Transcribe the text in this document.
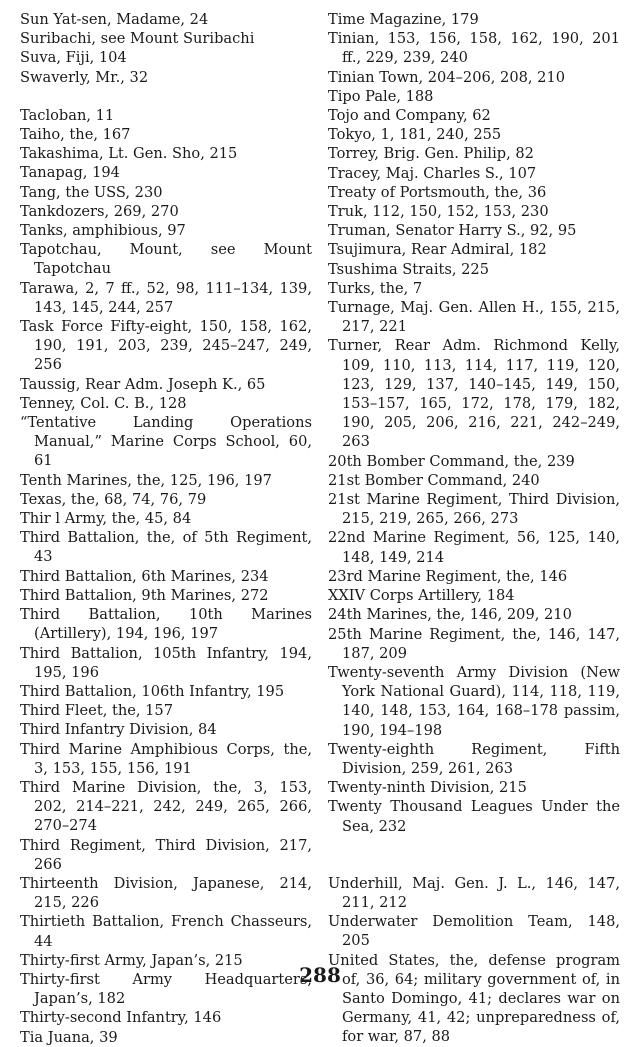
Sun Yat-sen, Madame, 24
Suribachi, see Mount Suribachi
Suva, Fiji, 104
Swaverly, Mr., 32
Tacloban, 11
Taiho, the, 167
Takashima, Lt. Gen. Sho, 215
Tanapag, 194
Tang, the USS, 230
Tankdozers, 269, 270
Tanks, amphibious, 97
Tapotchau, Mount, see Mount Tapotchau
Tarawa, 2, 7 ff., 52, 98, 111–134, 139, 143, 145, 244, 257
Task Force Fifty-eight, 150, 158, 162, 190, 191, 203, 239, 245–247, 249, 256
Taussig, Rear Adm. Joseph K., 65
Tenney, Col. C. B., 128
“Tentative Landing Operations Manual,” Marine Corps School, 60, 61
Tenth Marines, the, 125, 196, 197
Texas, the, 68, 74, 76, 79
Thir l Army, the, 45, 84
Third Battalion, the, of 5th Regiment, 43
Third Battalion, 6th Marines, 234
Third Battalion, 9th Marines, 272
Third Battalion, 10th Marines (Artillery), 194, 196, 197
Third Battalion, 105th Infantry, 194, 195, 196
Third Battalion, 106th Infantry, 195
Third Fleet, the, 157
Third Infantry Division, 84
Third Marine Amphibious Corps, the, 3, 153, 155, 156, 191
Third Marine Division, the, 3, 153, 202, 214–221, 242, 249, 265, 266, 270–274
Third Regiment, Third Division, 217, 266
Thirteenth Division, Japanese, 214, 215, 226
Thirtieth Battalion, French Chasseurs, 44
Thirty-first Army, Japan’s, 215
Thirty-first Army Headquarters, Japan’s, 182
Thirty-second Infantry, 146
Tia Juana, 39
Time Magazine, 179
Tinian, 153, 156, 158, 162, 190, 201 ff., 229, 239, 240
Tinian Town, 204–206, 208, 210
Tipo Pale, 188
Tojo and Company, 62
Tokyo, 1, 181, 240, 255
Torrey, Brig. Gen. Philip, 82
Tracey, Maj. Charles S., 107
Treaty of Portsmouth, the, 36
Truk, 112, 150, 152, 153, 230
Truman, Senator Harry S., 92, 95
Tsujimura, Rear Admiral, 182
Tsushima Straits, 225
Turks, the, 7
Turnage, Maj. Gen. Allen H., 155, 215, 217, 221
Turner, Rear Adm. Richmond Kelly, 109, 110, 113, 114, 117, 119, 120, 123, 129, 137, 140–145, 149, 150, 153–157, 165, 172, 178, 179, 182, 190, 205, 206, 216, 221, 242–249, 263
20th Bomber Command, the, 239
21st Bomber Command, 240
21st Marine Regiment, Third Division, 215, 219, 265, 266, 273
22nd Marine Regiment, 56, 125, 140, 148, 149, 214
23rd Marine Regiment, the, 146
XXIV Corps Artillery, 184
24th Marines, the, 146, 209, 210
25th Marine Regiment, the, 146, 147, 187, 209
Twenty-seventh Army Division (New York National Guard), 114, 118, 119, 140, 148, 153, 164, 168–178 passim, 190, 194–198
Twenty-eighth Regiment, Fifth Division, 259, 261, 263
Twenty-ninth Division, 215
Twenty Thousand Leagues Under the Sea, 232
Underhill, Maj. Gen. J. L., 146, 147, 211, 212
Underwater Demolition Team, 148, 205
United States, the, defense program of, 36, 64; military government of, in Santo Domingo, 41; declares war on Germany, 41, 42; unpreparedness of, for war, 87, 88
288
